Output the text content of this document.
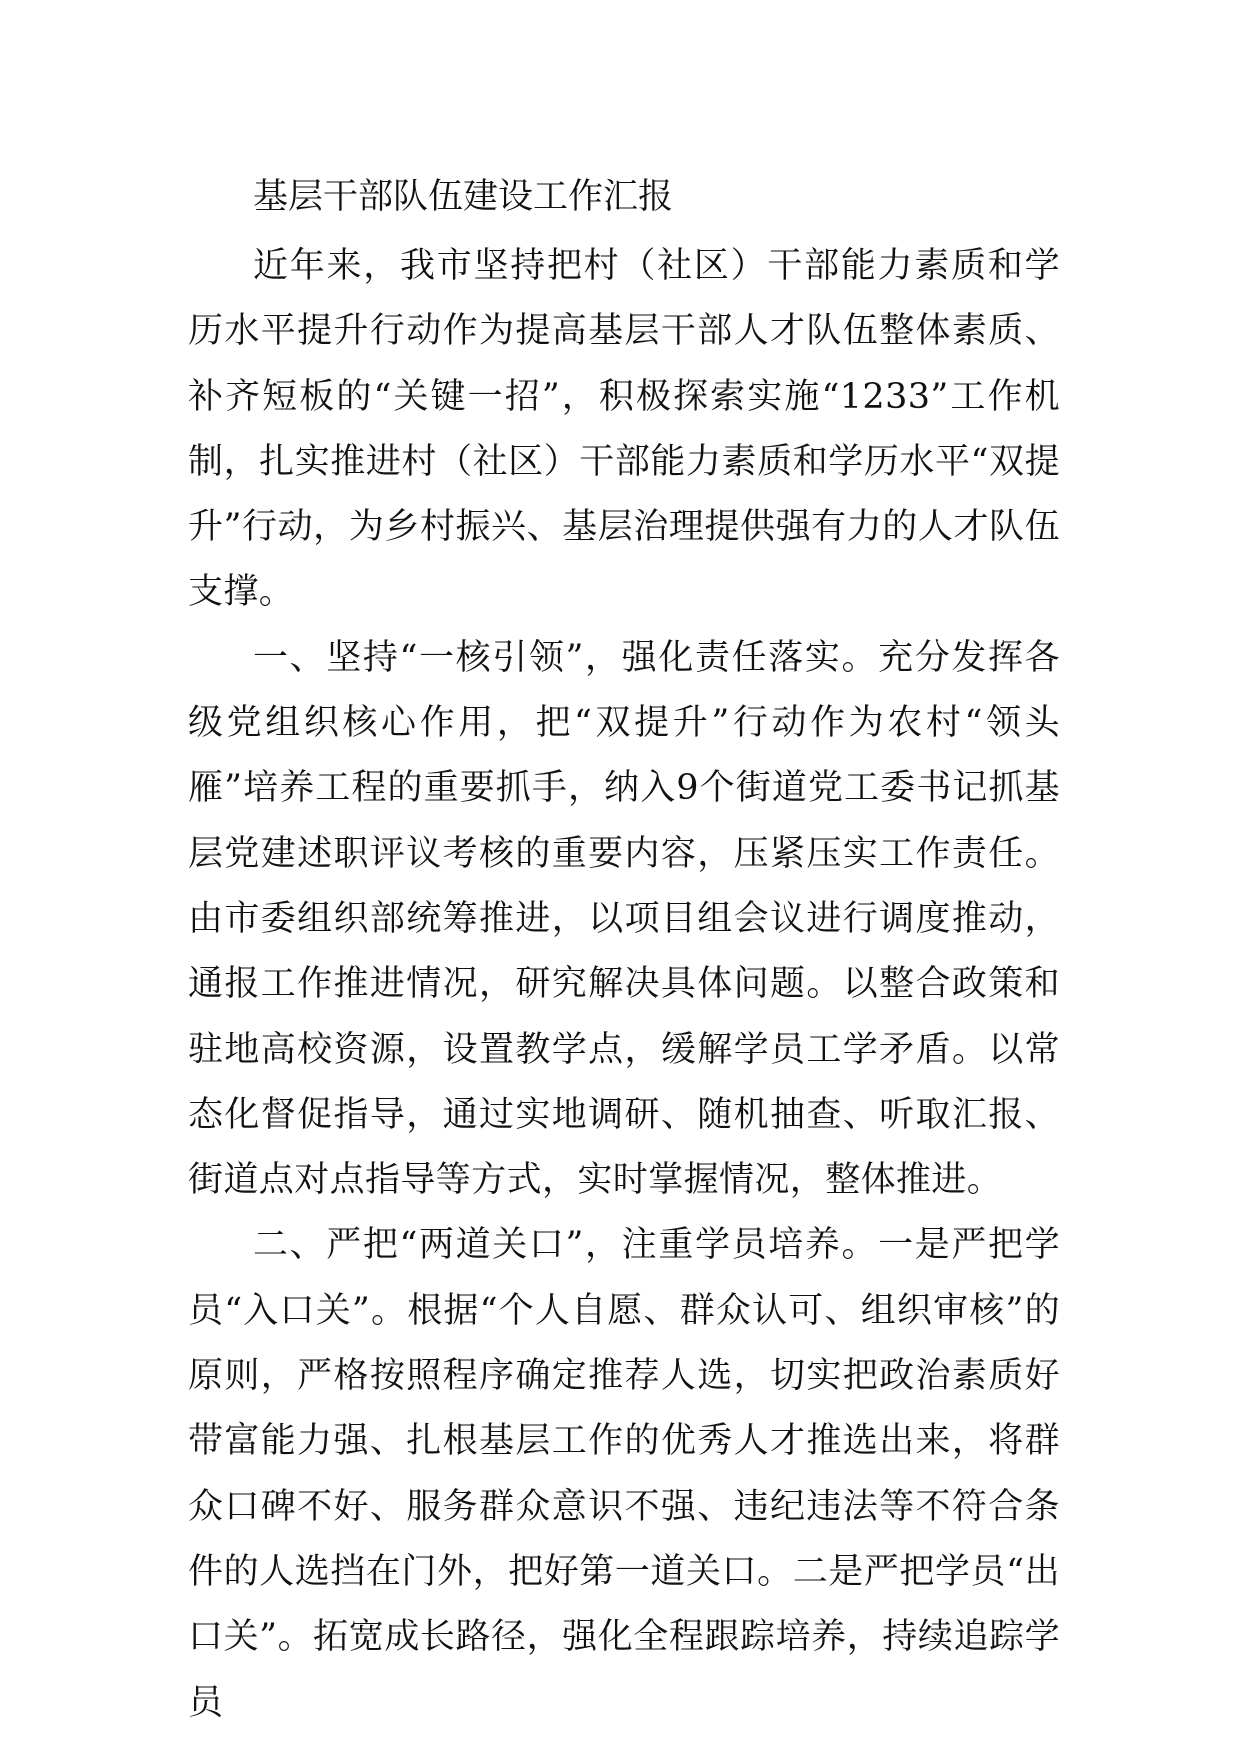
基层干部队伍建设工作汇报

近年来，我市坚持把村（社区）干部能力素质和学历水平提升行动作为提高基层干部人才队伍整体素质、补齐短板的“关键一招”，积极探索实施“1233”工作机制，扎实推进村（社区）干部能力素质和学历水平“双提升”行动，为乡村振兴、基层治理提供强有力的人才队伍支撑。

一、坚持“一核引领”，强化责任落实。充分发挥各级党组织核心作用，把“双提升”行动作为农村“领头雁”培养工程的重要抓手，纳入9个街道党工委书记抓基层党建述职评议考核的重要内容，压紧压实工作责任。由市委组织部统筹推进，以项目组会议进行调度推动，通报工作推进情况，研究解决具体问题。以整合政策和驻地高校资源，设置教学点，缓解学员工学矛盾。以常态化督促指导，通过实地调研、随机抽查、听取汇报、街道点对点指导等方式，实时掌握情况，整体推进。

二、严把“两道关口”，注重学员培养。一是严把学员“入口关”。根据“个人自愿、群众认可、组织审核”的原则，严格按照程序确定推荐人选，切实把政治素质好带富能力强、扎根基层工作的优秀人才推选出来，将群众口碑不好、服务群众意识不强、违纪违法等不符合条件的人选挡在门外，把好第一道关口。二是严把学员“出口关”。拓宽成长路径，强化全程跟踪培养，持续追踪学员
